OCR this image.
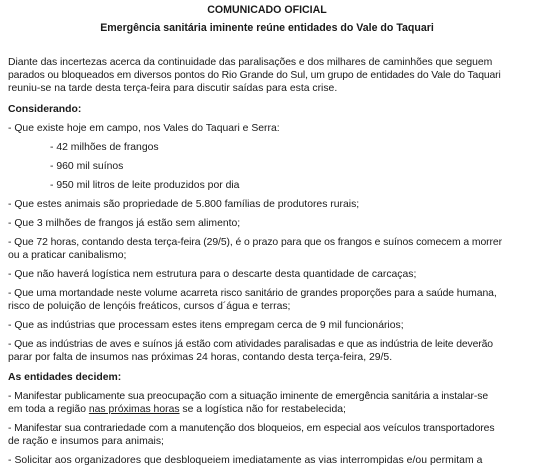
COMUNICADO OFICIAL
Emergência sanitária iminente reúne entidades do Vale do Taquari
Diante das incertezas acerca da continuidade das paralisações e dos milhares de caminhões que seguem
parados ou bloqueados em diversos pontos do Rio Grande do Sul, um grupo de entidades do Vale do Taquari
reuniu-se na tarde desta terça-feira para discutir saídas para esta crise.
Considerando:
- Que existe hoje em campo, nos Vales do Taquari e Serra:
- 42 milhões de frangos
- 960 mil suínos
- 950 mil litros de leite produzidos por dia
- Que estes animais são propriedade de 5.800 famílias de produtores rurais;
- Que 3 milhões de frangos já estão sem alimento;
- Que 72 horas, contando desta terça-feira (29/5), é o prazo para que os frangos e suínos comecem a morrer
ou a praticar canibalismo;
- Que não haverá logística nem estrutura para o descarte desta quantidade de carcaças;
- Que uma mortandade neste volume acarreta risco sanitário de grandes proporções para a saúde humana,
risco de poluição de lençóis freáticos, cursos d´água e terras;
- Que as indústrias que processam estes itens empregam cerca de 9 mil funcionários;
- Que as indústrias de aves e suínos já estão com atividades paralisadas e que as indústria de leite deverão
parar por falta de insumos nas próximas 24 horas, contando desta terça-feira, 29/5.
As entidades decidem:
- Manifestar publicamente sua preocupação com a situação iminente de emergência sanitária a instalar-se
em toda a região nas próximas horas se a logística não for restabelecida;
- Manifestar sua contrariedade com a manutenção dos bloqueios, em especial aos veículos transportadores
de ração e insumos para animais;
- Solicitar aos organizadores que desbloqueiem imediatamente as vias interrompidas e/ou permitam a
